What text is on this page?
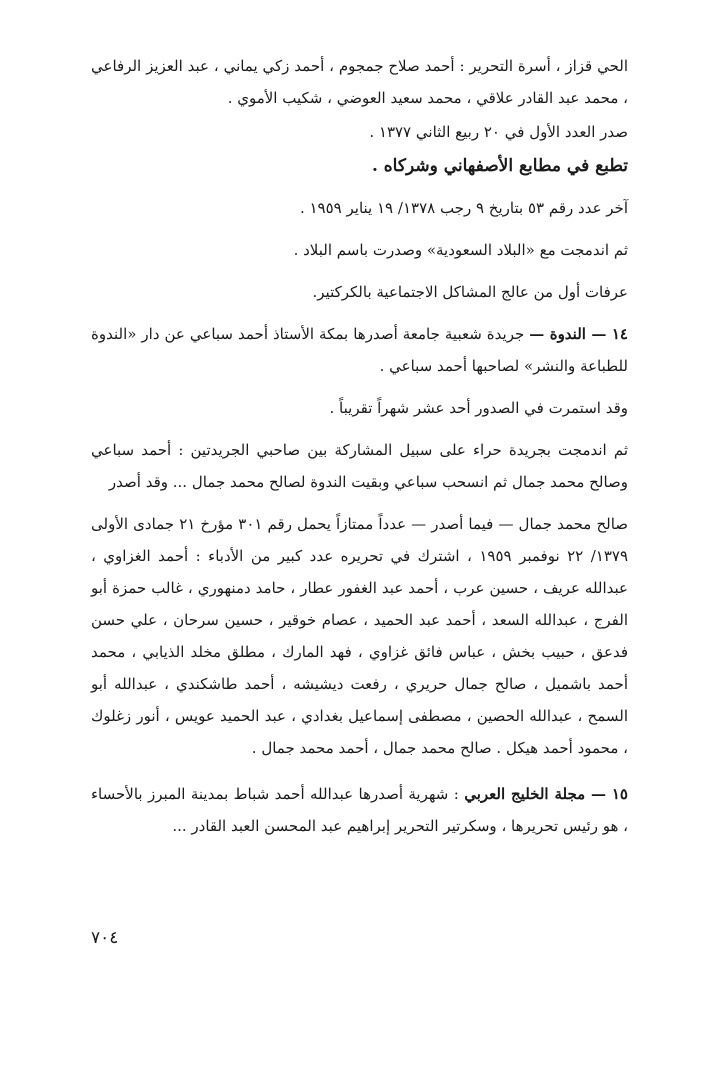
الحي قزاز ، أسرة التحرير : أحمد صلاح جمجوم ، أحمد زكي يماني ، عبد العزيز الرفاعي ، محمد عبد القادر علاقي ، محمد سعيد العوضي ، شكيب الأموي .

صدر العدد الأول في ٢٠ ربيع الثاني ١٣٧٧ .

تطبع في مطابع الأصفهاني وشركاه .

آخر عدد رقم ٥٣ بتاريخ ٩ رجب ١٣٧٨/ ١٩ يناير ١٩٥٩ .

ثم اندمجت مع «البلاد السعودية» وصدرت باسم البلاد .

عرفات أول من عالج المشاكل الاجتماعية بالكركتير.

١٤ — الندوة — جريدة شعبية جامعة أصدرها بمكة الأستاذ أحمد سباعي عن دار «الندوة للطباعة والنشر» لصاحبها أحمد سباعي .

وقد استمرت في الصدور أحد عشر شهراً تقريباً .

ثم اندمجت بجريدة حراء على سبيل المشاركة بين صاحبي الجريدتين : أحمد سباعي وصالح محمد جمال ثم انسحب سباعي وبقيت الندوة لصالح محمد جمال ... وقد أصدر

صالح محمد جمال — فيما أصدر — عدداً ممتازاً يحمل رقم ٣٠١ مؤرخ ٢١ جمادى الأولى ١٣٧٩/ ٢٢ نوفمبر ١٩٥٩ ، اشترك في تحريره عدد كبير من الأدباء : أحمد الغزاوي ، عبدالله عريف ، حسين عرب ، أحمد عبد الغفور عطار ، حامد دمنهوري ، غالب حمزة أبو الفرج ، عبدالله السعد ، أحمد عبد الحميد ، عصام خوقير ، حسين سرحان ، علي حسن فدعق ، حبيب بخش ، عباس فائق غزاوي ، فهد المارك ، مطلق مخلد الذيابي ، محمد أحمد باشميل ، صالح جمال حريري ، رفعت ديشيشه ، أحمد طاشكندي ، عبدالله أبو السمح ، عبدالله الحصين ، مصطفى إسماعيل بغدادي ، عبد الحميد عويس ، أنور زغلوك ، محمود أحمد هيكل . صالح محمد جمال ، أحمد محمد جمال .

١٥ — مجلة الخليج العربي : شهرية أصدرها عبدالله أحمد شباط بمدينة المبرز بالأحساء ، هو رئيس تحريرها ، وسكرتير التحرير إبراهيم عبد المحسن العبد القادر ...

٧٠٤
